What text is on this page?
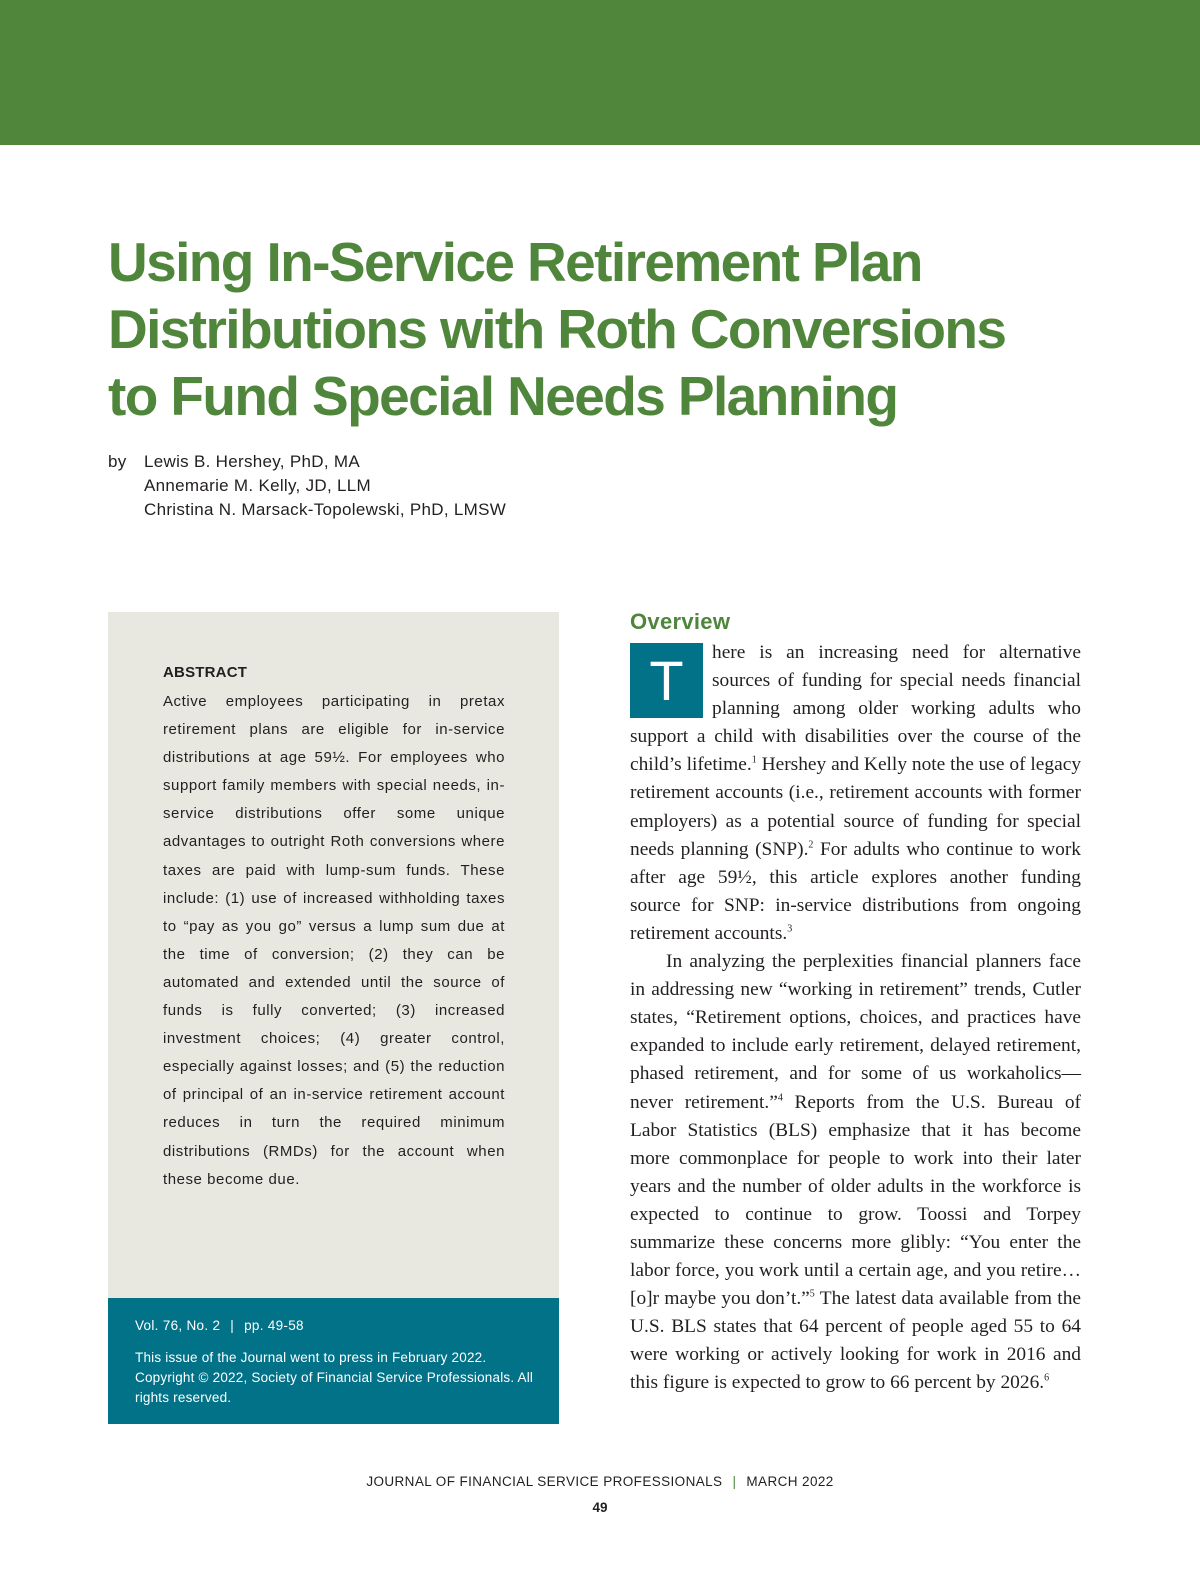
Using In-Service Retirement Plan
Distributions with Roth Conversions
to Fund Special Needs Planning
by Lewis B. Hershey, PhD, MA
Annemarie M. Kelly, JD, LLM
Christina N. Marsack-Topolewski, PhD, LMSW
ABSTRACT

Active employees participating in pretax retirement plans are eligible for in-service distributions at age 59½. For employees who support family members with special needs, in-service distributions offer some unique advantages to outright Roth conversions where taxes are paid with lump-sum funds. These include: (1) use of increased withholding taxes to “pay as you go” versus a lump sum due at the time of conversion; (2) they can be automated and extended until the source of funds is fully converted; (3) increased investment choices; (4) greater control, especially against losses; and (5) the reduction of principal of an in-service retirement account reduces in turn the required minimum distributions (RMDs) for the account when these become due.

Vol. 76, No. 2 | pp. 49-58

This issue of the Journal went to press in February 2022. Copyright © 2022, Society of Financial Service Professionals. All rights reserved.

Overview

T	here is an increasing need for alternative sources of funding for special needs financial planning among older working adults who support a child with disabilities over the course of the child’s lifetime.$^1$ Hershey and Kelly note the use of legacy retirement accounts (i.e., retirement accounts with former employers) as a potential source of funding for special needs planning (SNP).$^2$ For adults who continue to work after age 59½, this article explores another funding source for SNP: in-service distributions from ongoing retirement accounts.$^3$

In analyzing the perplexities financial planners face in addressing new “working in retirement” trends, Cutler states, “Retirement options, choices, and practices have expanded to include early retirement, delayed retirement, phased retirement, and for some of us workaholics—never retirement.”$^4$ Reports from the U.S. Bureau of Labor Statistics (BLS) emphasize that it has become more commonplace for people to work into their later years and the number of older adults in the workforce is expected to continue to grow. Toossi and Torpey summarize these concerns more glibly: “You enter the labor force, you work until a certain age, and you retire…[o]r maybe you don’t.”$^5$ The latest data available from the U.S. BLS states that 64 percent of people aged 55 to 64 were working or actively looking for work in 2016 and this figure is expected to grow to 66 percent by 2026.$^6$

JOURNAL OF FINANCIAL SERVICE PROFESSIONALS | MARCH 2022
49
